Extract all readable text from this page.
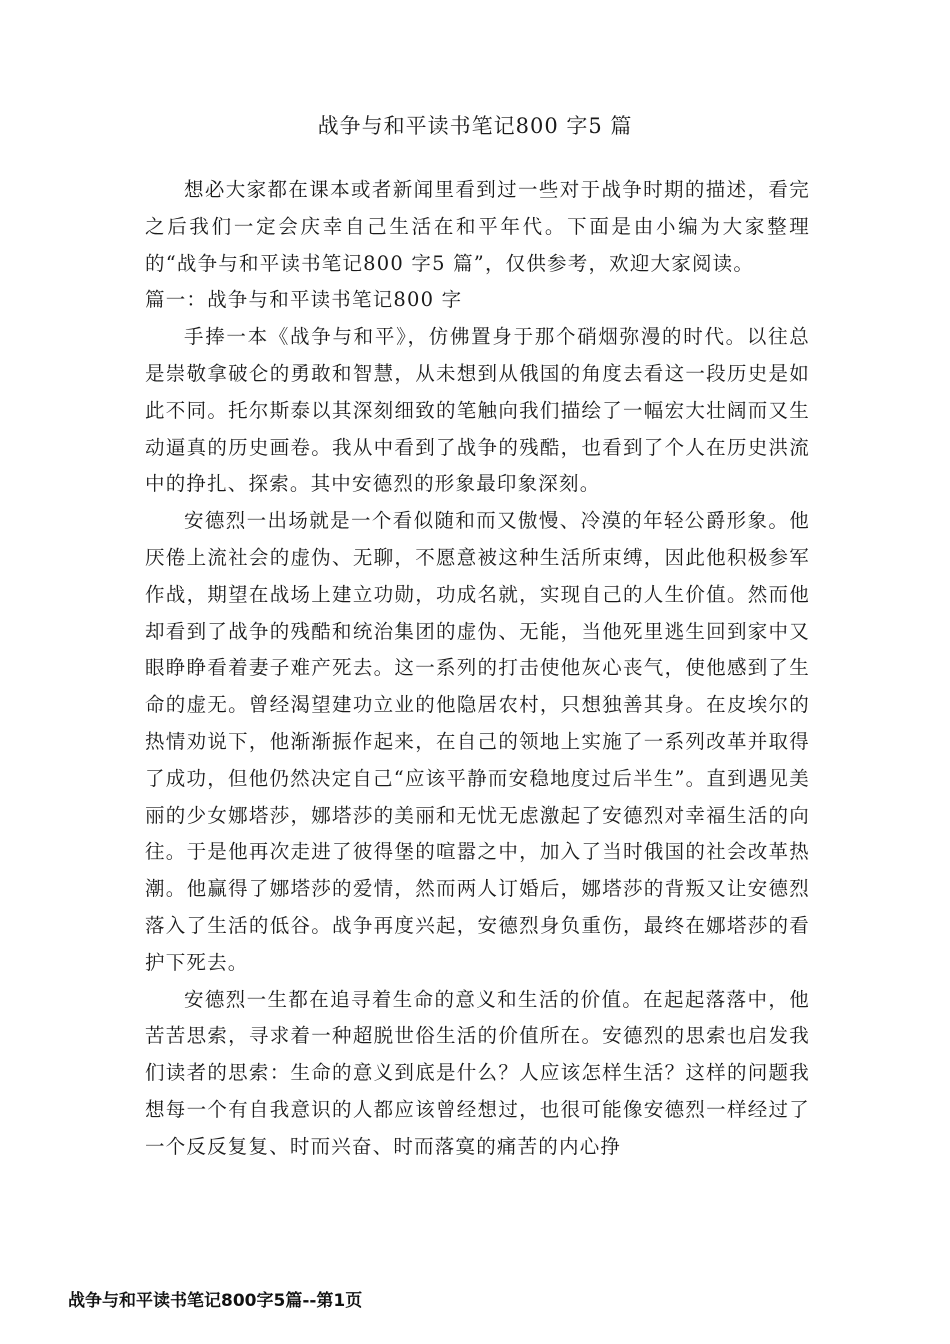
战争与和平读书笔记800 字5 篇

想必大家都在课本或者新闻里看到过一些对于战争时期的描述，看完之后我们一定会庆幸自己生活在和平年代。下面是由小编为大家整理的“战争与和平读书笔记800 字5 篇”，仅供参考，欢迎大家阅读。

篇一：战争与和平读书笔记800 字

手捧一本《战争与和平》，仿佛置身于那个硝烟弥漫的时代。以往总是崇敬拿破仑的勇敢和智慧，从未想到从俄国的角度去看这一段历史是如此不同。托尔斯泰以其深刻细致的笔触向我们描绘了一幅宏大壮阔而又生动逼真的历史画卷。我从中看到了战争的残酷，也看到了个人在历史洪流中的挣扎、探索。其中安德烈的形象最印象深刻。

安德烈一出场就是一个看似随和而又傲慢、冷漠的年轻公爵形象。他厌倦上流社会的虚伪、无聊，不愿意被这种生活所束缚，因此他积极参军作战，期望在战场上建立功勋，功成名就，实现自己的人生价值。然而他却看到了战争的残酷和统治集团的虚伪、无能，当他死里逃生回到家中又眼睁睁看着妻子难产死去。这一系列的打击使他灰心丧气，使他感到了生命的虚无。曾经渴望建功立业的他隐居农村，只想独善其身。在皮埃尔的热情劝说下，他渐渐振作起来，在自己的领地上实施了一系列改革并取得了成功，但他仍然决定自己“应该平静而安稳地度过后半生”。直到遇见美丽的少女娜塔莎，娜塔莎的美丽和无忧无虑激起了安德烈对幸福生活的向往。于是他再次走进了彼得堡的喧嚣之中，加入了当时俄国的社会改革热潮。他赢得了娜塔莎的爱情，然而两人订婚后，娜塔莎的背叛又让安德烈落入了生活的低谷。战争再度兴起，安德烈身负重伤，最终在娜塔莎的看护下死去。

安德烈一生都在追寻着生命的意义和生活的价值。在起起落落中，他苦苦思索，寻求着一种超脱世俗生活的价值所在。安德烈的思索也启发我们读者的思索：生命的意义到底是什么？人应该怎样生活？这样的问题我想每一个有自我意识的人都应该曾经想过，也很可能像安德烈一样经过了一个反反复复、时而兴奋、时而落寞的痛苦的内心挣

战争与和平读书笔记800字5篇--第1页
